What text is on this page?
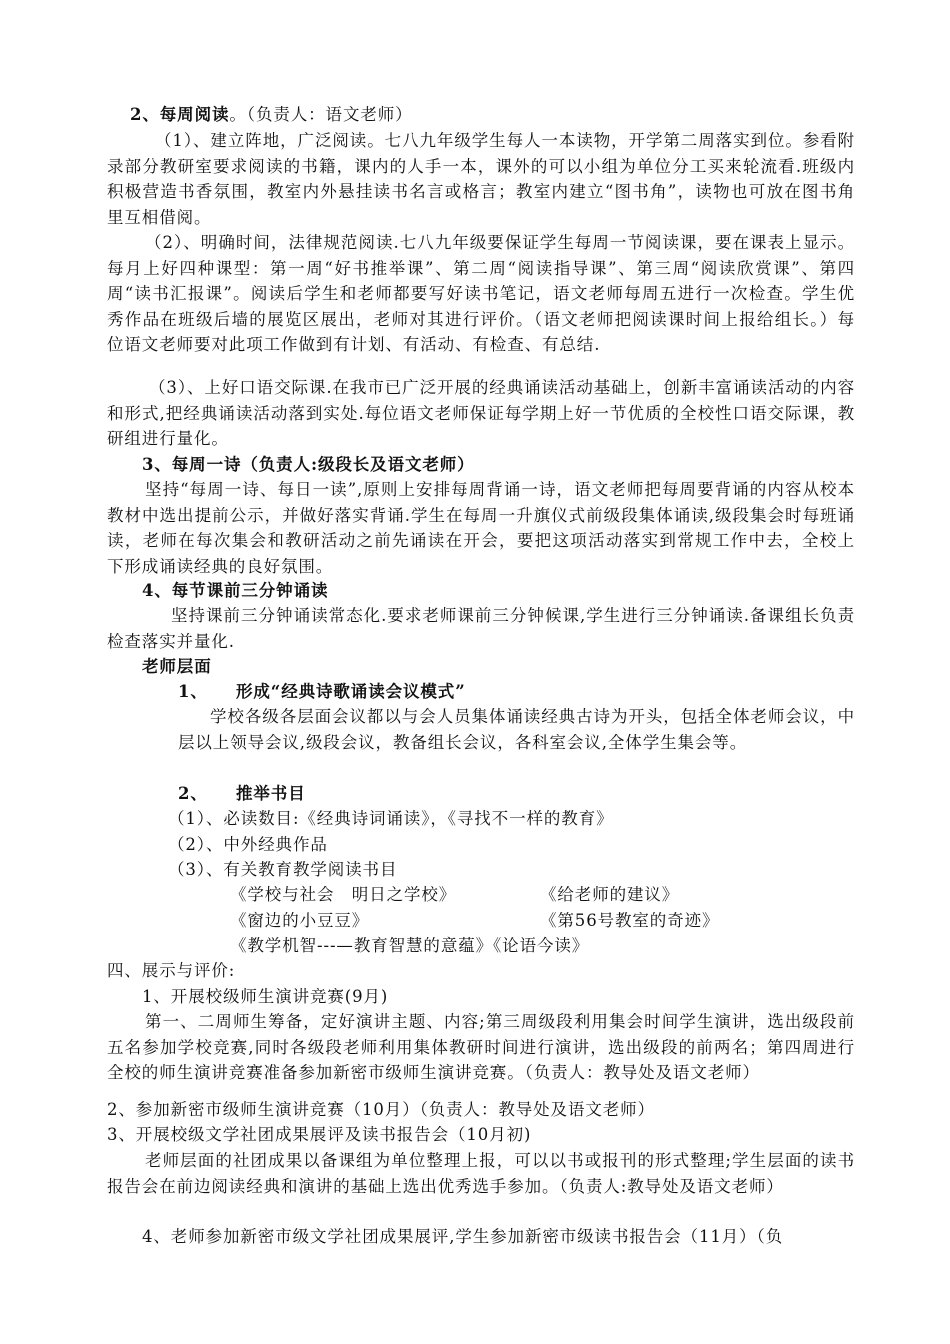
2、每周阅读。（负责人：语文老师）

（1）、建立阵地，广泛阅读。七八九年级学生每人一本读物，开学第二周落实到位。参看附录部分教研室要求阅读的书籍，课内的人手一本，课外的可以小组为单位分工买来轮流看.班级内积极营造书香氛围，教室内外悬挂读书名言或格言；教室内建立“图书角”，读物也可放在图书角里互相借阅。

（2）、明确时间，法律规范阅读.七八九年级要保证学生每周一节阅读课，要在课表上显示。每月上好四种课型：第一周“好书推举课”、第二周“阅读指导课”、第三周“阅读欣赏课”、第四周“读书汇报课”。阅读后学生和老师都要写好读书笔记，语文老师每周五进行一次检查。学生优秀作品在班级后墙的展览区展出，老师对其进行评价。（语文老师把阅读课时间上报给组长。）每位语文老师要对此项工作做到有计划、有活动、有检查、有总结.

（3）、上好口语交际课.在我市已广泛开展的经典诵读活动基础上，创新丰富诵读活动的内容和形式,把经典诵读活动落到实处.每位语文老师保证每学期上好一节优质的全校性口语交际课，教研组进行量化。

3、每周一诗（负责人:级段长及语文老师）

坚持“每周一诗、每日一读”,原则上安排每周背诵一诗，语文老师把每周要背诵的内容从校本教材中选出提前公示，并做好落实背诵.学生在每周一升旗仪式前级段集体诵读,级段集会时每班诵读，老师在每次集会和教研活动之前先诵读在开会，要把这项活动落实到常规工作中去，全校上下形成诵读经典的良好氛围。

4、每节课前三分钟诵读

坚持课前三分钟诵读常态化.要求老师课前三分钟候课,学生进行三分钟诵读.备课组长负责检查落实并量化.

老师层面

1、 形成“经典诗歌诵读会议模式”

学校各级各层面会议都以与会人员集体诵读经典古诗为开头，包括全体老师会议，中层以上领导会议,级段会议，教备组长会议，各科室会议,全体学生集会等。

2、 推举书目

（1）、必读数目:《经典诗词诵读》，《寻找不一样的教育》

（2）、中外经典作品

（3）、有关教育教学阅读书目

《学校与社会　明日之学校》	《给老师的建议》

《窗边的小豆豆》	《第56号教室的奇迹》

《教学机智---—教育智慧的意蕴》《论语今读》

四、展示与评价:

1、开展校级师生演讲竞赛(9月)

第一、二周师生筹备，定好演讲主题、内容;第三周级段利用集会时间学生演讲，选出级段前五名参加学校竞赛,同时各级段老师利用集体教研时间进行演讲，选出级段的前两名；第四周进行全校的师生演讲竞赛准备参加新密市级师生演讲竞赛。（负责人：教导处及语文老师）

2、参加新密市级师生演讲竞赛（10月）（负责人：教导处及语文老师）

3、开展校级文学社团成果展评及读书报告会（10月初)

老师层面的社团成果以备课组为单位整理上报，可以以书或报刊的形式整理;学生层面的读书报告会在前边阅读经典和演讲的基础上选出优秀选手参加。（负责人:教导处及语文老师）

4、老师参加新密市级文学社团成果展评,学生参加新密市级读书报告会（11月）（负
